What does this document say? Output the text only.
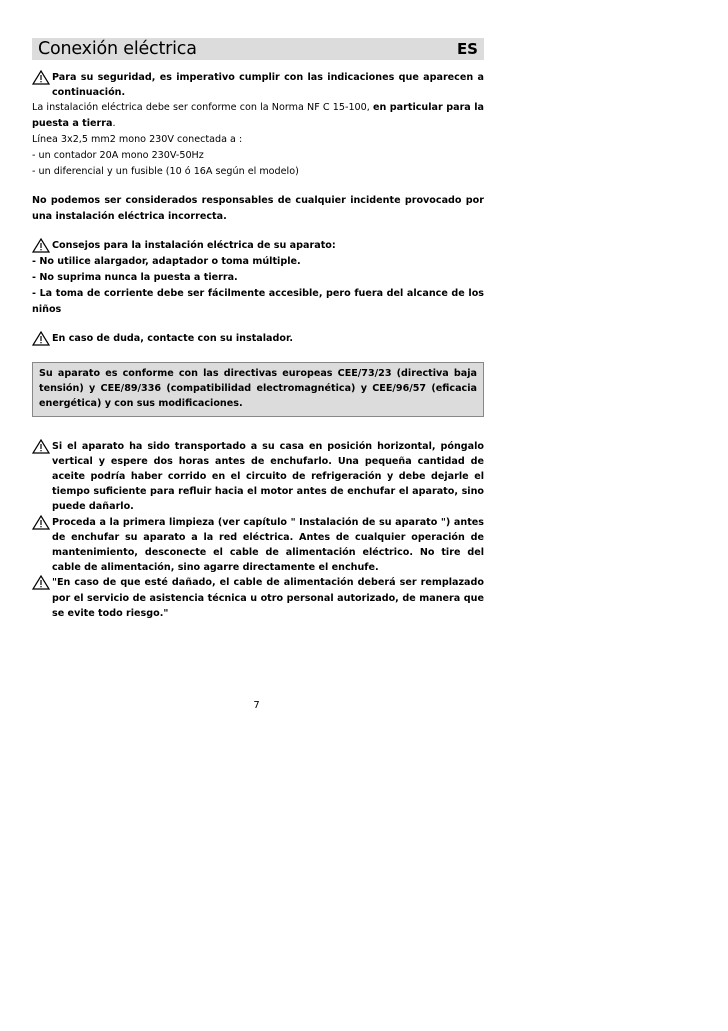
Conexión eléctrica	ES
Para su seguridad, es imperativo cumplir con las indicaciones que aparecen a continuación.
La instalación eléctrica debe ser conforme con la Norma NF C 15-100, en particular para la puesta a tierra.
Línea 3x2,5 mm2 mono 230V conectada a :
- un contador 20A mono 230V-50Hz
- un diferencial y un fusible (10 ó 16A según el modelo)
No podemos ser considerados responsables de cualquier incidente provocado por una instalación eléctrica incorrecta.
Consejos para la instalación eléctrica de su aparato:
- No utilice alargador, adaptador o toma múltiple.
- No suprima nunca la puesta a tierra.
- La toma de corriente debe ser fácilmente accesible, pero fuera del alcance de los niños
En caso de duda, contacte con su instalador.
Su aparato es conforme con las directivas europeas CEE/73/23 (directiva baja tensión) y CEE/89/336 (compatibilidad electromagnética) y CEE/96/57 (eficacia energética) y con sus modificaciones.
Si el aparato ha sido transportado a su casa en posición horizontal, póngalo vertical y espere dos horas antes de enchufarlo. Una pequeña cantidad de aceite podría haber corrido en el circuito de refrigeración y debe dejarle el tiempo suficiente para refluir hacia el motor antes de enchufar el aparato, sino puede dañarlo.
Proceda a la primera limpieza (ver capítulo " Instalación de su aparato ") antes de enchufar su aparato a la red eléctrica. Antes de cualquier operación de mantenimiento, desconecte el cable de alimentación eléctrico. No tire del cable de alimentación, sino agarre directamente el enchufe.
"En caso de que esté dañado, el cable de alimentación deberá ser remplazado por el servicio de asistencia técnica u otro personal autorizado, de manera que se evite todo riesgo."
7
